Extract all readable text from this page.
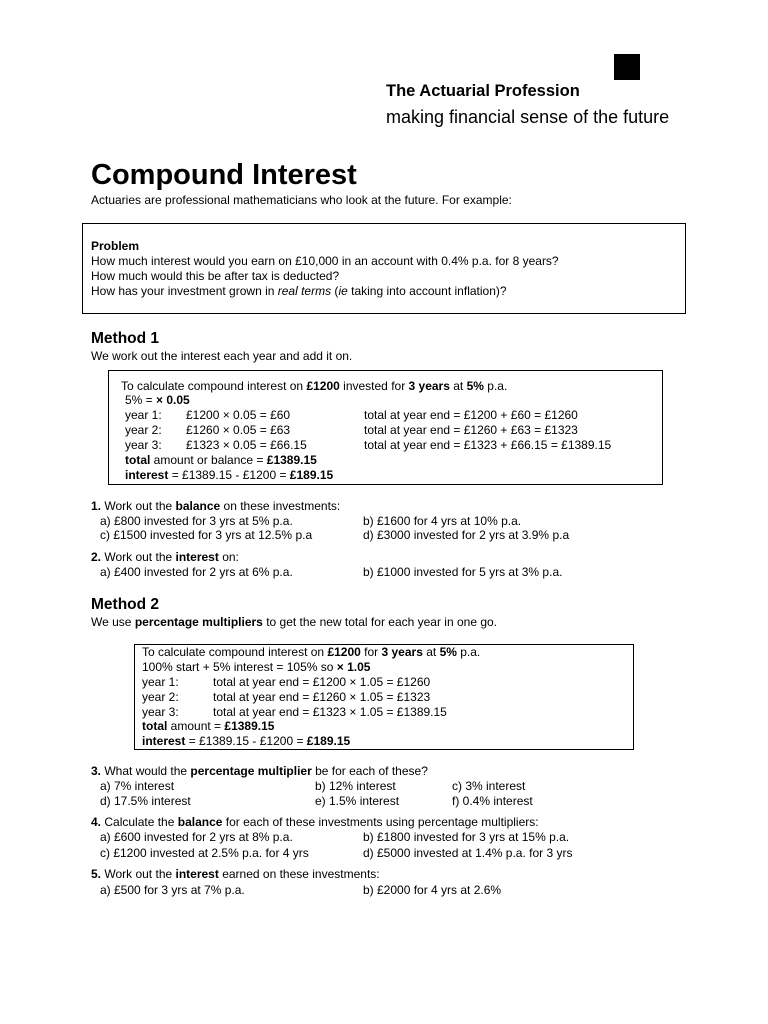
The Actuarial Profession
making financial sense of the future
Compound Interest
Actuaries are professional mathematicians who look at the future. For example:
Problem
How much interest would you earn on £10,000 in an account with 0.4% p.a. for 8 years?
How much would this be after tax is deducted?
How has your investment grown in real terms (ie taking into account inflation)?
Method 1
We work out the interest each year and add it on.
To calculate compound interest on £1200 invested for 3 years at 5% p.a.
5% = × 0.05
year 1: £1200 × 0.05 = £60	total at year end = £1200 + £60 = £1260
year 2: £1260 × 0.05 = £63	total at year end = £1260 + £63 = £1323
year 3: £1323 × 0.05 = £66.15	total at year end = £1323 + £66.15 = £1389.15
total amount or balance = £1389.15
interest = £1389.15 - £1200 = £189.15
1. Work out the balance on these investments:
a) £800 invested for 3 yrs at 5% p.a.	b) £1600 for 4 yrs at 10% p.a.
c) £1500 invested for 3 yrs at 12.5% p.a	d) £3000 invested for 2 yrs at 3.9% p.a
2. Work out the interest on:
a) £400 invested for 2 yrs at 6% p.a.	b) £1000 invested for 5 yrs at 3% p.a.
Method 2
We use percentage multipliers to get the new total for each year in one go.
To calculate compound interest on £1200 for 3 years at 5% p.a.
100% start + 5% interest = 105% so × 1.05
year 1:	total at year end = £1200 × 1.05 = £1260
year 2:	total at year end = £1260 × 1.05 = £1323
year 3:	total at year end = £1323 × 1.05 = £1389.15
total amount = £1389.15
interest = £1389.15 - £1200 = £189.15
3. What would the percentage multiplier be for each of these?
a) 7% interest	b) 12% interest	c) 3% interest
d) 17.5% interest	e) 1.5% interest	f) 0.4% interest
4. Calculate the balance for each of these investments using percentage multipliers:
a) £600 invested for 2 yrs at 8% p.a.	b) £1800 invested for 3 yrs at 15% p.a.
c) £1200 invested at 2.5% p.a. for 4 yrs	d) £5000 invested at 1.4% p.a. for 3 yrs
5. Work out the interest earned on these investments:
a) £500 for 3 yrs at 7% p.a.	b) £2000 for 4 yrs at 2.6%
